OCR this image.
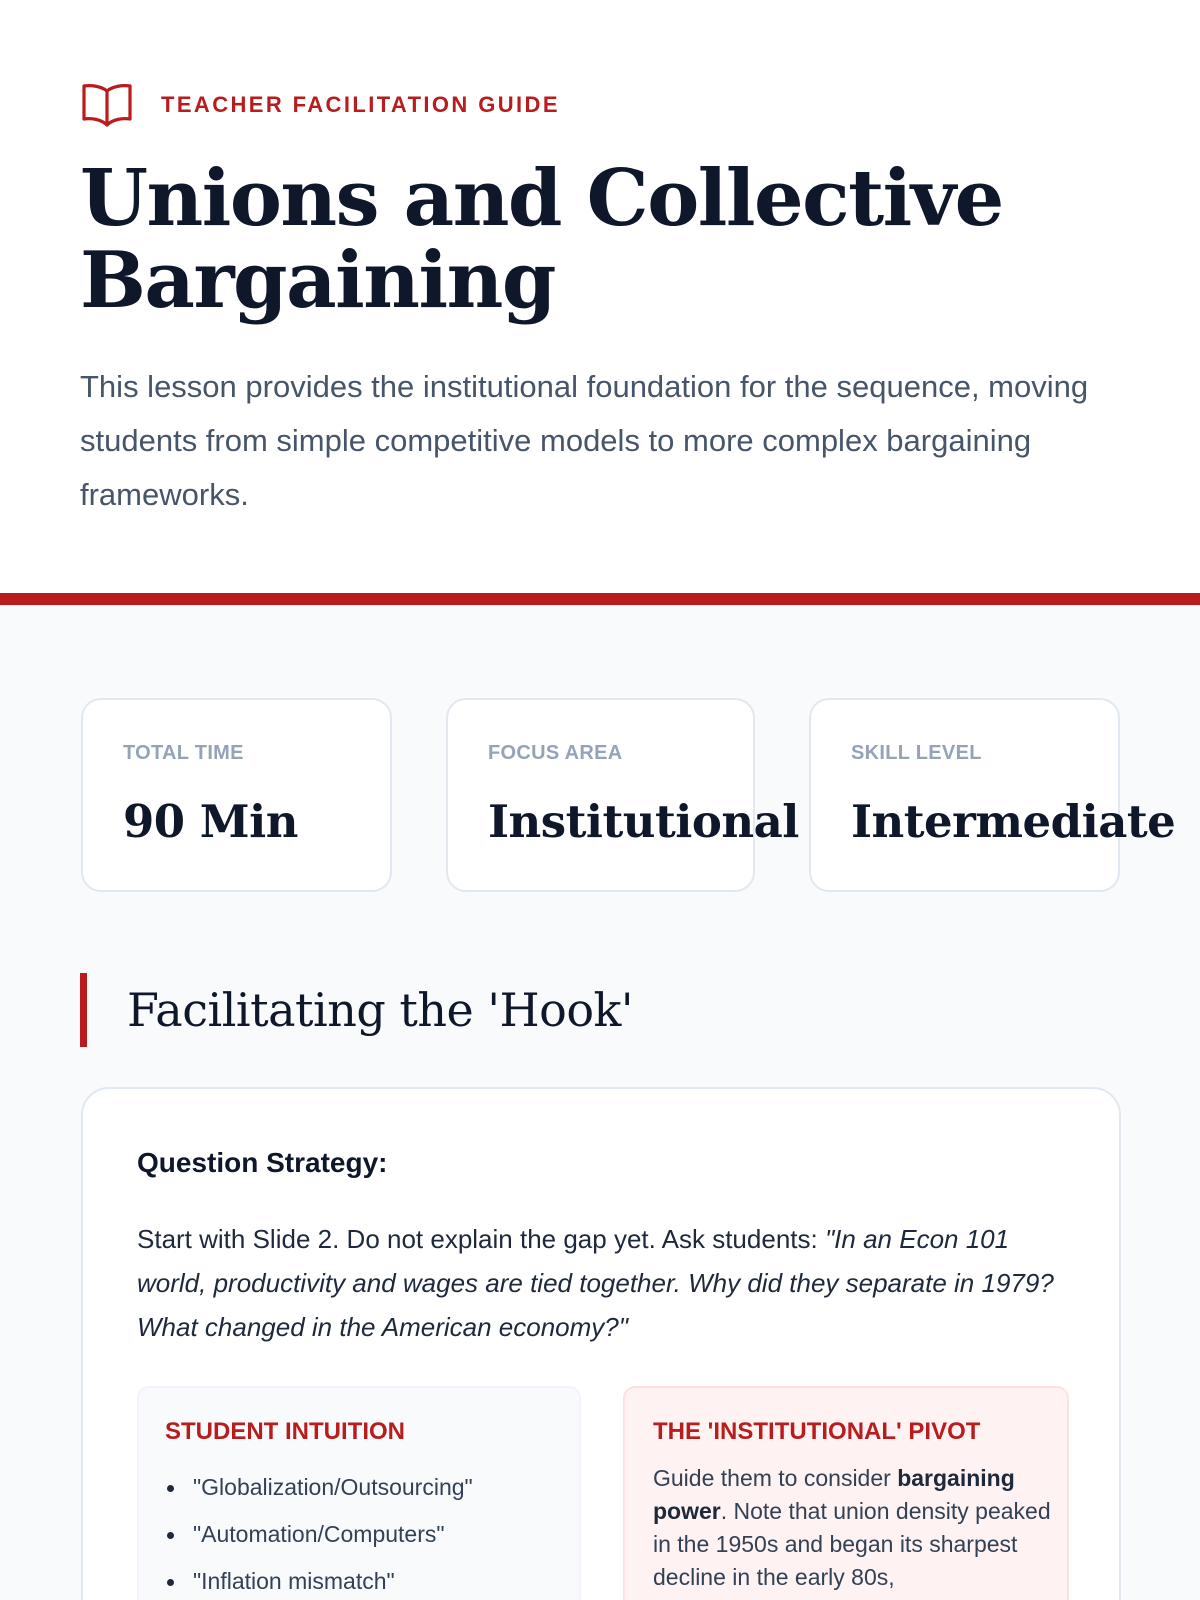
TEACHER FACILITATION GUIDE
Unions and Collective Bargaining

This lesson provides the institutional foundation for the sequence, moving students from simple competitive models to more complex bargaining frameworks.

TOTAL TIME
90 Min
FOCUS AREA
Institutional
SKILL LEVEL
Intermediate
Facilitating the 'Hook'
Question Strategy:

Start with Slide 2. Do not explain the gap yet. Ask students: "In an Econ 101 world, productivity and wages are tied together. Why did they separate in 1979? What changed in the American economy?"

STUDENT INTUITION
"Globalization/Outsourcing"
"Automation/Computers"
"Inflation mismatch"
THE 'INSTITUTIONAL' PIVOT

Guide them to consider bargaining power. Note that union density peaked in the 1950s and began its sharpest decline in the early 80s,
